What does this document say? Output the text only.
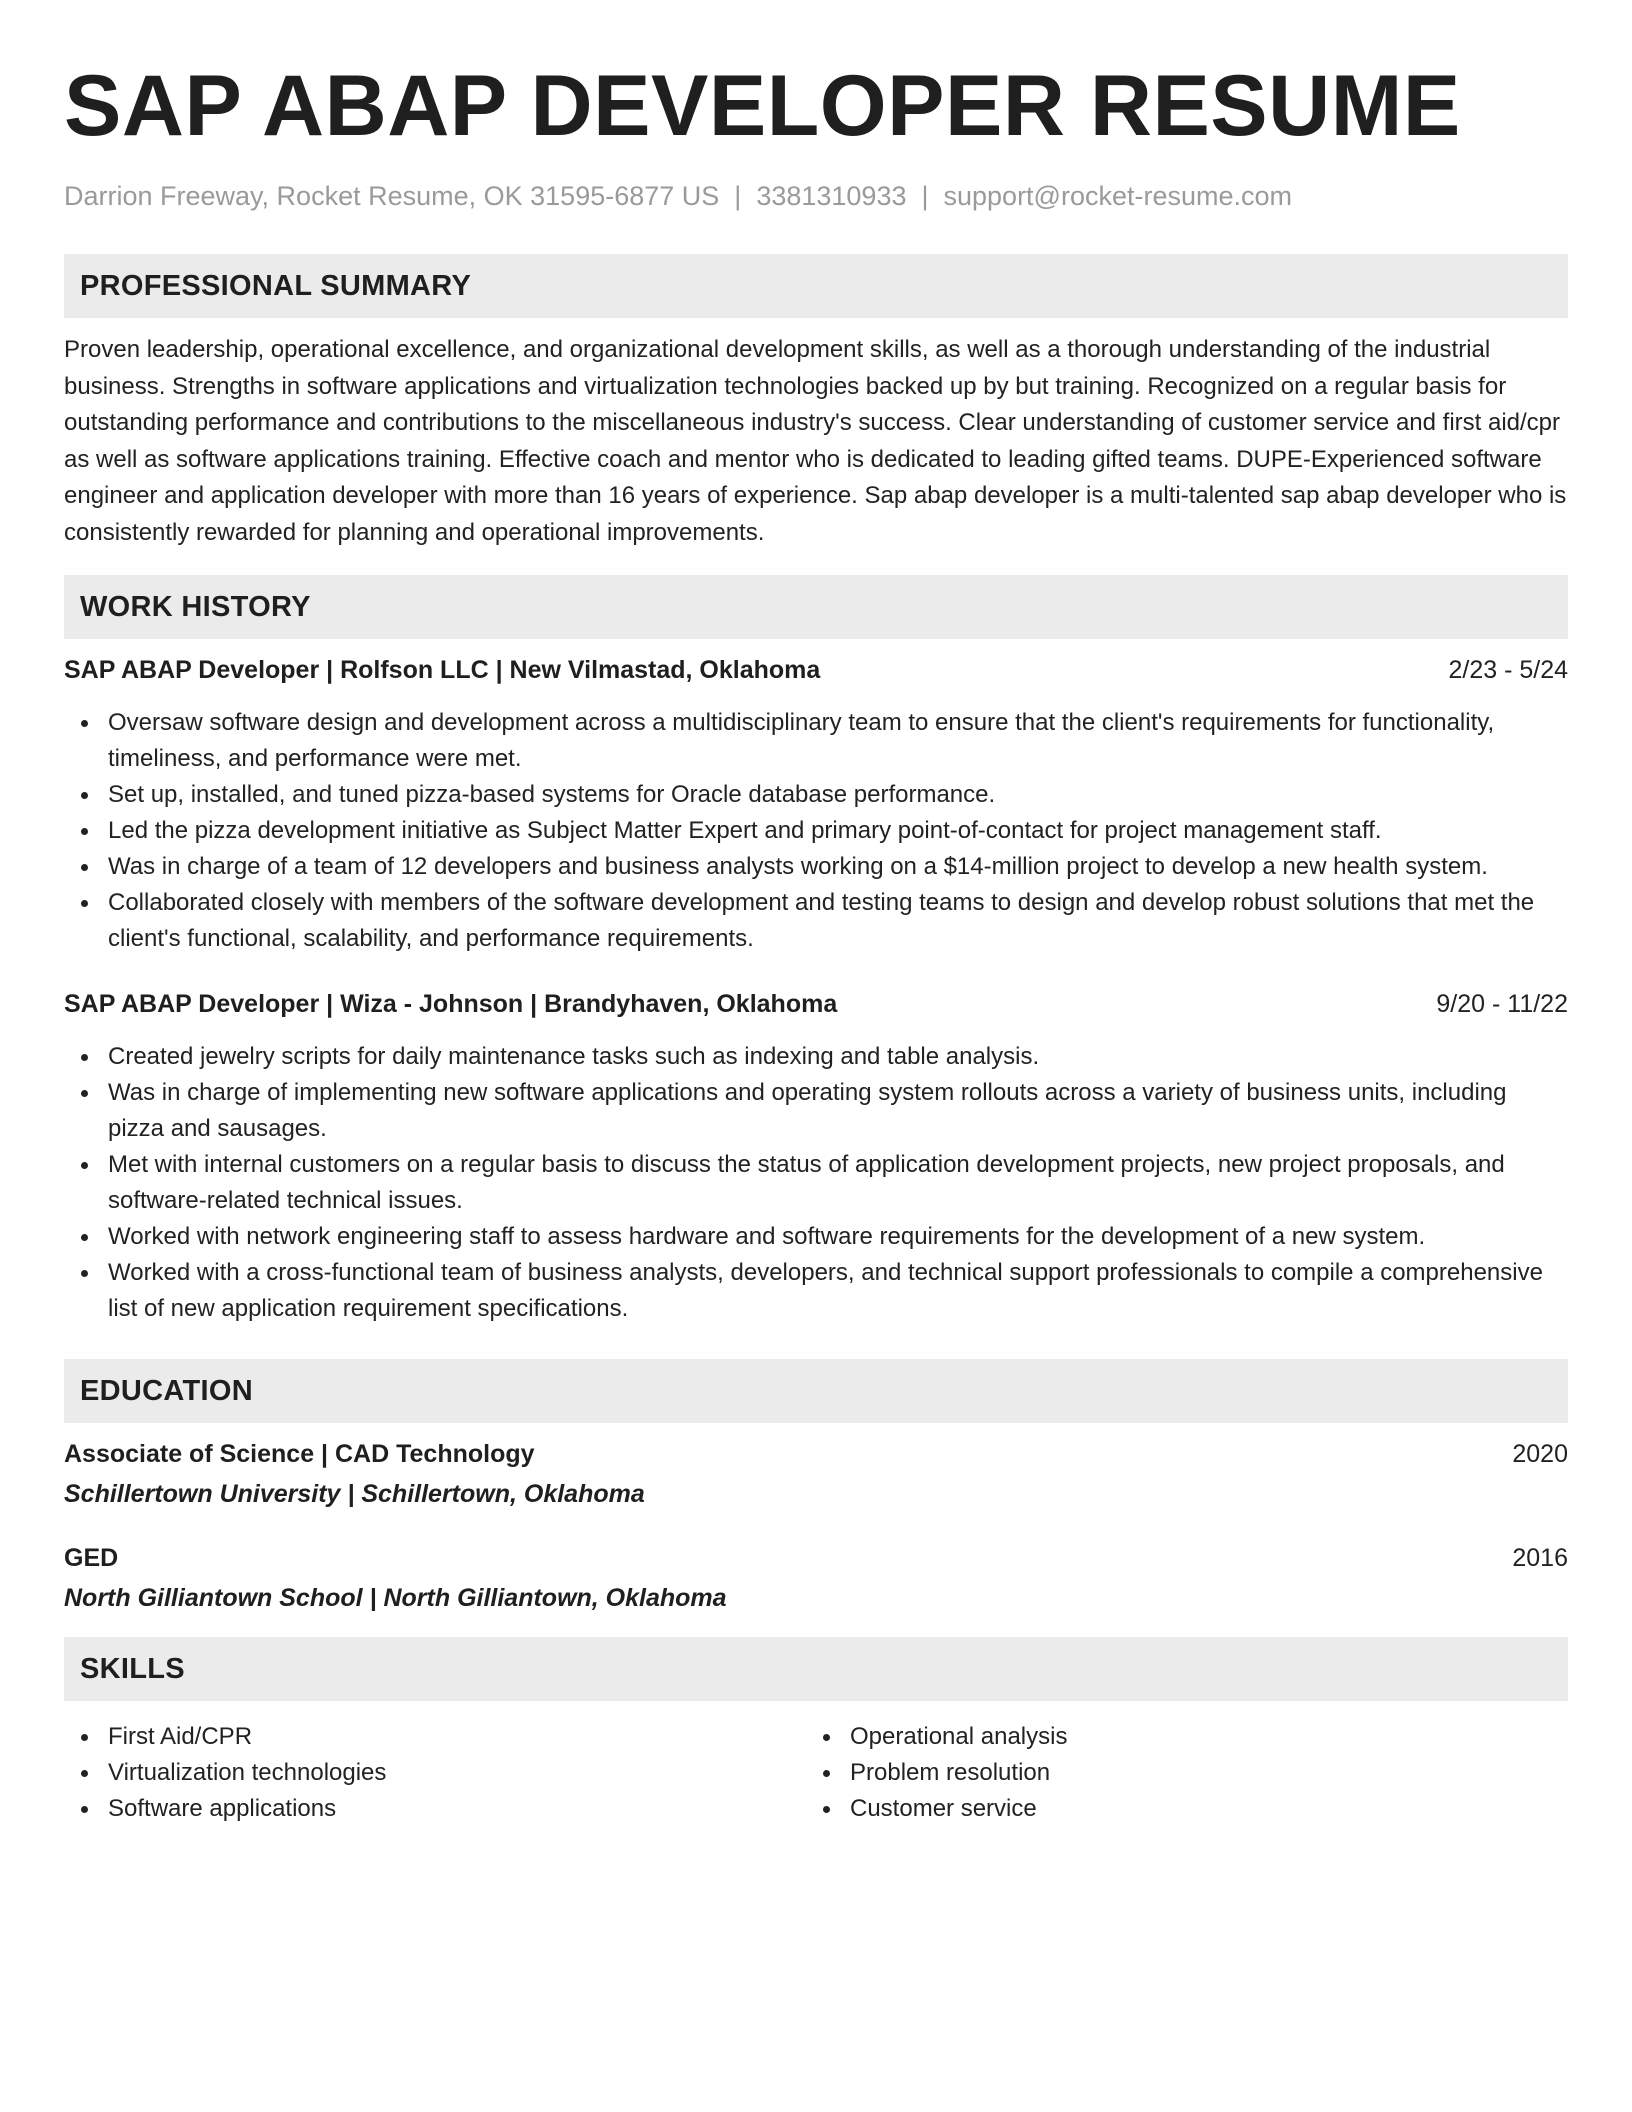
SAP ABAP DEVELOPER RESUME
Darrion Freeway, Rocket Resume, OK 31595-6877 US | 3381310933 | support@rocket-resume.com
PROFESSIONAL SUMMARY

Proven leadership, operational excellence, and organizational development skills, as well as a thorough understanding of the industrial business. Strengths in software applications and virtualization technologies backed up by but training. Recognized on a regular basis for outstanding performance and contributions to the miscellaneous industry's success. Clear understanding of customer service and first aid/cpr as well as software applications training. Effective coach and mentor who is dedicated to leading gifted teams. DUPE-Experienced software engineer and application developer with more than 16 years of experience. Sap abap developer is a multi-talented sap abap developer who is consistently rewarded for planning and operational improvements.

WORK HISTORY
SAP ABAP Developer | Rolfson LLC | New Vilmastad, Oklahoma	2/23 - 5/24
Oversaw software design and development across a multidisciplinary team to ensure that the client's requirements for functionality, timeliness, and performance were met.
Set up, installed, and tuned pizza-based systems for Oracle database performance.
Led the pizza development initiative as Subject Matter Expert and primary point-of-contact for project management staff.
Was in charge of a team of 12 developers and business analysts working on a $14-million project to develop a new health system.
Collaborated closely with members of the software development and testing teams to design and develop robust solutions that met the client's functional, scalability, and performance requirements.
SAP ABAP Developer | Wiza - Johnson | Brandyhaven, Oklahoma	9/20 - 11/22
Created jewelry scripts for daily maintenance tasks such as indexing and table analysis.
Was in charge of implementing new software applications and operating system rollouts across a variety of business units, including pizza and sausages.
Met with internal customers on a regular basis to discuss the status of application development projects, new project proposals, and software-related technical issues.
Worked with network engineering staff to assess hardware and software requirements for the development of a new system.
Worked with a cross-functional team of business analysts, developers, and technical support professionals to compile a comprehensive list of new application requirement specifications.
EDUCATION
Associate of Science | CAD Technology	2020
Schillertown University | Schillertown, Oklahoma
GED	2016
North Gilliantown School | North Gilliantown, Oklahoma
SKILLS
First Aid/CPR
Virtualization technologies
Software applications
Operational analysis
Problem resolution
Customer service
